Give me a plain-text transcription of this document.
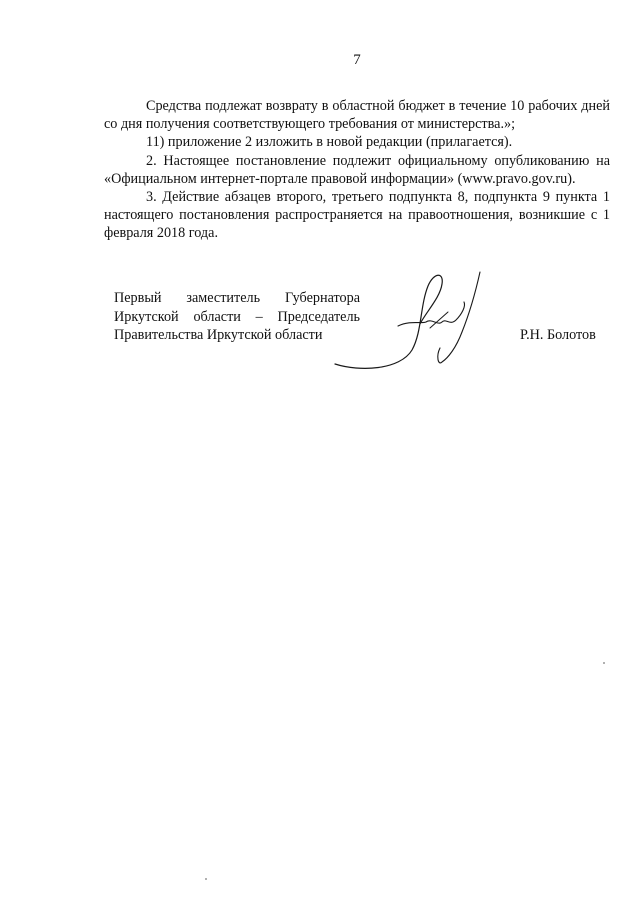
7

Средства подлежат возврату в областной бюджет в течение 10 рабочих дней со дня получения соответствующего требования от министерства.»;

11) приложение 2 изложить в новой редакции (прилагается).

2. Настоящее постановление подлежит официальному опубликованию на «Официальном интернет-портале правовой информации» (www.pravo.gov.ru).

3. Действие абзацев второго, третьего подпункта 8, подпункта 9 пункта 1 настоящего постановления распространяется на правоотношения, возникшие с 1 февраля 2018 года.

Первый заместитель Губернатора
Иркутской области – Председатель
Правительства Иркутской области	Р.Н. Болотов
